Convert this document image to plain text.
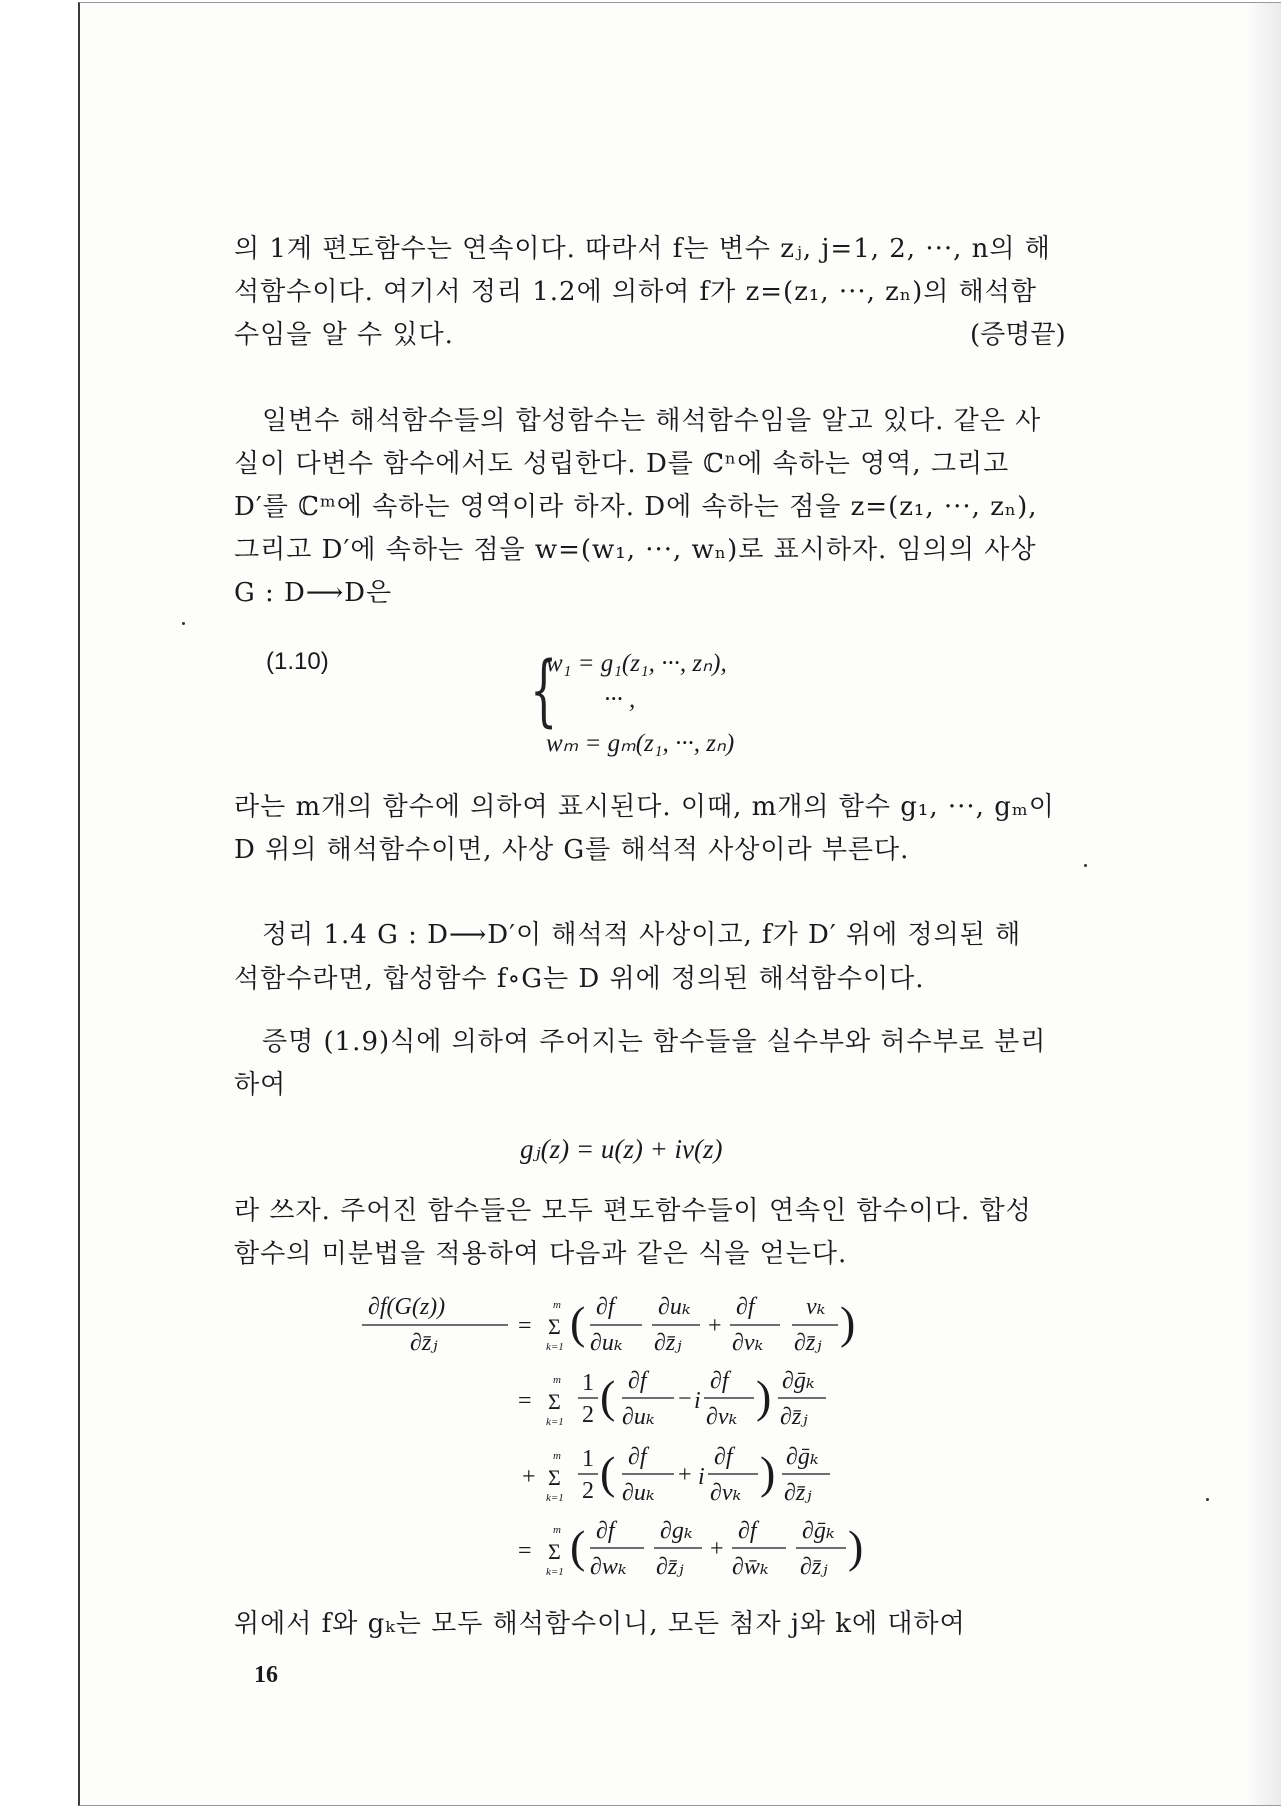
의 1계 편도함수는 연속이다. 따라서 f는 변수 zⱼ, j=1, 2, ···, n의 해
석함수이다. 여기서 정리 1.2에 의하여 f가 z=(z₁, ···, zₙ)의 해석함
수임을 알 수 있다.	(증명끝)
일변수 해석함수들의 합성함수는 해석함수임을 알고 있다. 같은 사
실이 다변수 함수에서도 성립한다. D를 ℂⁿ에 속하는 영역, 그리고
D′를 ℂᵐ에 속하는 영역이라 하자. D에 속하는 점을 z=(z₁, ···, zₙ),
그리고 D′에 속하는 점을 w=(w₁, ···, wₙ)로 표시하자. 임의의 사상
G : D⟶D은
(1.10)	{
w₁ = g₁(z₁, ···, zₙ),
··· ,
wₘ = gₘ(z₁, ···, zₙ)
라는 m개의 함수에 의하여 표시된다. 이때, m개의 함수 g₁, ···, gₘ이
D 위의 해석함수이면, 사상 G를 해석적 사상이라 부른다.
정리 1.4 G : D⟶D′이 해석적 사상이고, f가 D′ 위에 정의된 해
석함수라면, 합성함수 f∘G는 D 위에 정의된 해석함수이다.
증명 (1.9)식에 의하여 주어지는 함수들을 실수부와 허수부로 분리
하여
gⱼ(z) = u(z) + iv(z)
라 쓰자. 주어진 함수들은 모두 편도함수들이 연속인 함수이다. 합성
함수의 미분법을 적용하여 다음과 같은 식을 얻는다.
∂f(G(z))
∂z̄ⱼ
= Σ
m
k=1 ( ∂f
∂uₖ
∂uₖ
∂z̄ⱼ
+
∂f
∂vₖ
vₖ
∂z̄ⱼ )
= Σ
m
k=1
1
2 ( ∂f
∂uₖ
− i
∂f
∂vₖ ) ∂ḡₖ
∂z̄ⱼ
+ Σ
m
k=1
1
2 ( ∂f
∂uₖ
+ i
∂f
∂vₖ ) ∂ḡₖ
∂z̄ⱼ
= Σ
m
k=1 ( ∂f
∂wₖ
∂gₖ
∂z̄ⱼ
+
∂f
∂w̄ₖ
∂ḡₖ
∂z̄ⱼ )
위에서 f와 gₖ는 모두 해석함수이니, 모든 첨자 j와 k에 대하여
16
